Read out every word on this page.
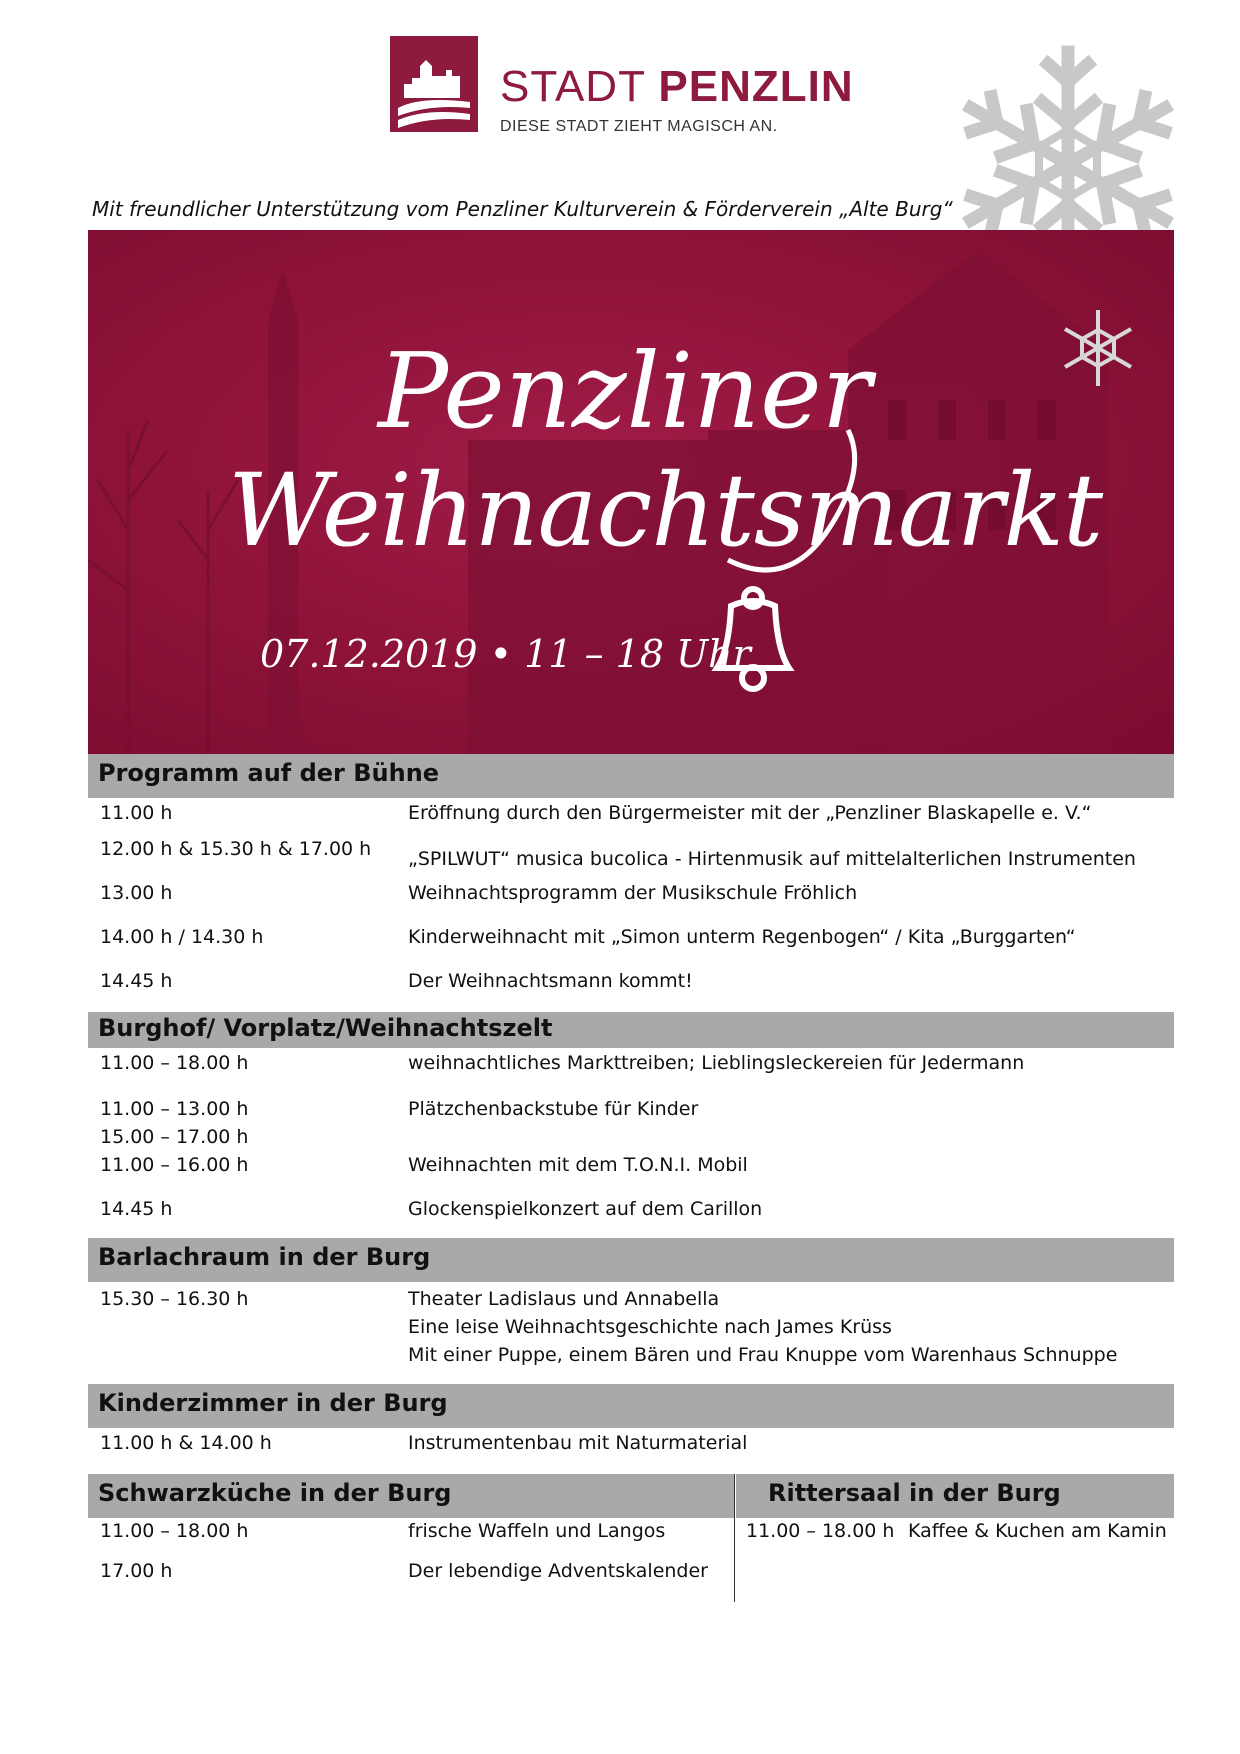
STADT PENZLIN
DIESE STADT ZIEHT MAGISCH AN.
Mit freundlicher Unterstützung vom Penzliner Kulturverein & Förderverein „Alte Burg“
Penzliner
Weihnachtsmarkt
07.12.2019 • 11 – 18 Uhr
Programm auf der Bühne
11.00 h	Eröffnung durch den Bürgermeister mit der „Penzliner Blaskapelle e. V.“
12.00 h & 15.30 h & 17.00 h „SPILWUT“ musica bucolica - Hirtenmusik auf mittelalterlichen Instrumenten
13.00 h	Weihnachtsprogramm der Musikschule Fröhlich
14.00 h / 14.30 h	Kinderweihnacht mit „Simon unterm Regenbogen“ / Kita „Burggarten“
14.45 h	Der Weihnachtsmann kommt!
Burghof/ Vorplatz/Weihnachtszelt
11.00 – 18.00 h	weihnachtliches Markttreiben; Lieblingsleckereien für Jedermann
11.00 – 13.00 h	Plätzchenbackstube für Kinder
15.00 – 17.00 h
11.00 – 16.00 h	Weihnachten mit dem T.O.N.I. Mobil
14.45 h	Glockenspielkonzert auf dem Carillon
Barlachraum in der Burg
15.30 – 16.30 h	Theater Ladislaus und Annabella
Eine leise Weihnachtsgeschichte nach James Krüss
Mit einer Puppe, einem Bären und Frau Knuppe vom Warenhaus Schnuppe
Kinderzimmer in der Burg
11.00 h & 14.00 h	Instrumentenbau mit Naturmaterial
Schwarzküche in der Burg	Rittersaal in der Burg
11.00 – 18.00 h	frische Waffeln und Langos
17.00 h	Der lebendige Adventskalender
11.00 – 18.00 h Kaffee & Kuchen am Kamin
